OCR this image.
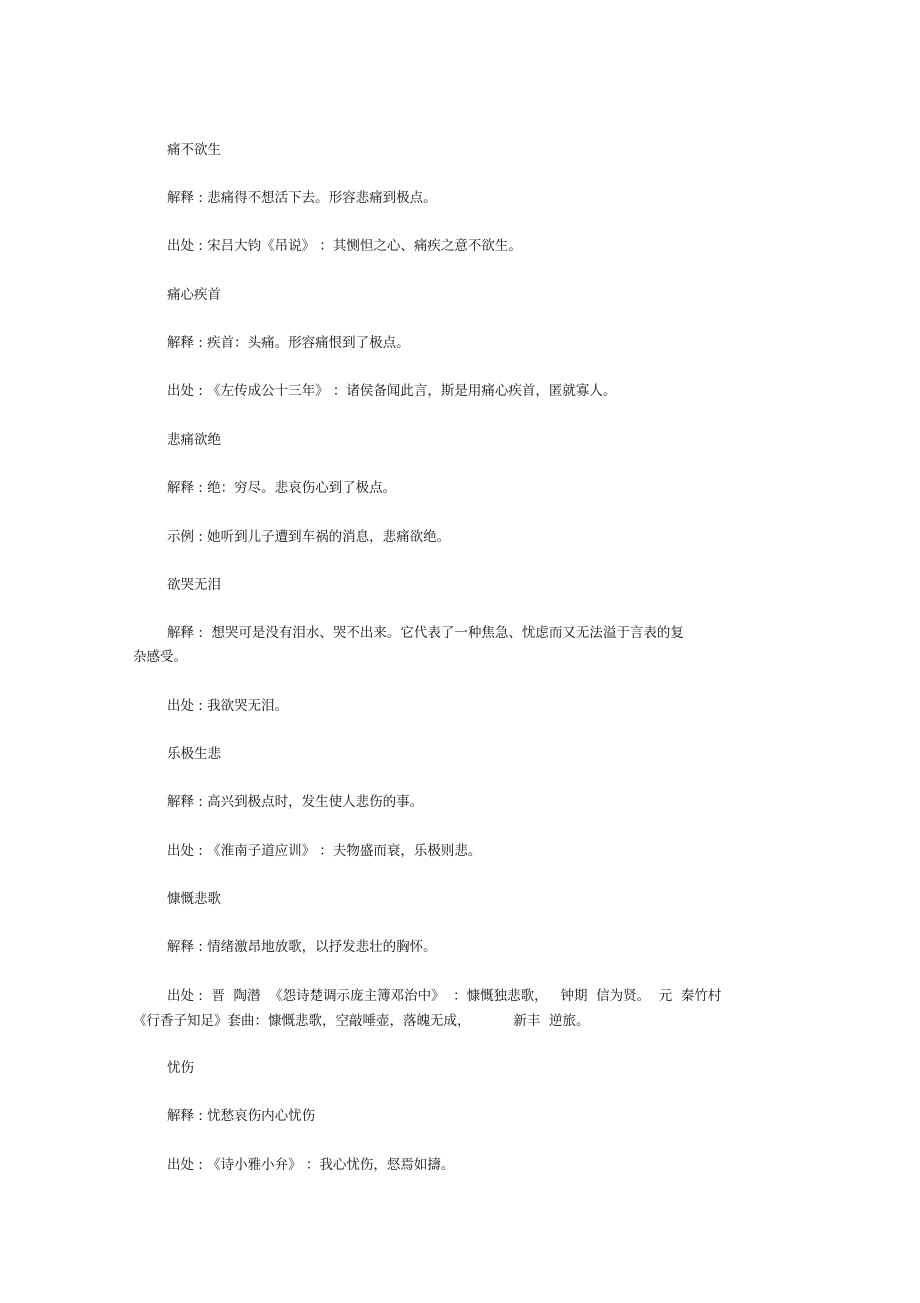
痛不欲生
解释 : 悲痛得不想活下去。形容悲痛到极点。
出处 : 宋吕大钧《吊说》 ：其恻怛之心、痛疾之意不欲生。
痛心疾首
解释 : 疾首：头痛。形容痛恨到了极点。
出处 : 《左传成公十三年》 ：诸侯备闻此言，斯是用痛心疾首，匿就寡人。
悲痛欲绝
解释 : 绝：穷尽。悲哀伤心到了极点。
示例 : 她听到儿子遭到车祸的消息，悲痛欲绝。
欲哭无泪
解释 :  想哭可是没有泪水、哭不出来。它代表了一种焦急、忧虑而又无法溢于言表的复
杂感受。
出处 : 我欲哭无泪。
乐极生悲
解释 : 高兴到极点时，发生使人悲伤的事。
出处 : 《淮南子道应训》 ：夫物盛而衰，乐极则悲。
慷慨悲歌
解释 : 情绪激昂地放歌，以抒发悲壮的胸怀。
出处 :  晋  陶潜  《怨诗楚调示庞主簿邓治中》  ：慷慨独悲歌，   钟期  信为贤。  元  秦竹村
《行香子知足》套曲：慷慨悲歌，空敲唾壶，落魄无成，          新丰  逆旅。
忧伤
解释 : 忧愁哀伤内心忧伤
出处 : 《诗小雅小弁》 ：我心忧伤，惄焉如擣。
